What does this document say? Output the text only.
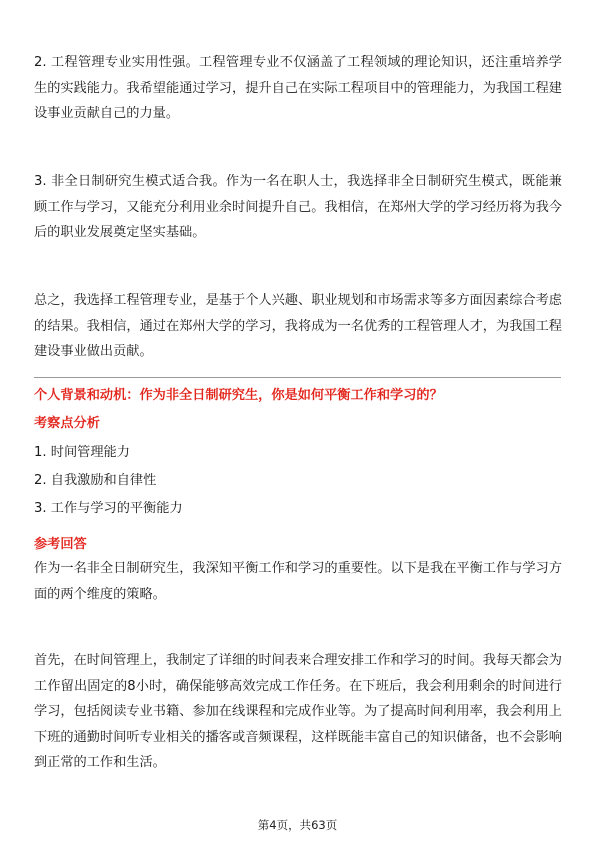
2. 工程管理专业实用性强。工程管理专业不仅涵盖了工程领域的理论知识，还注重培养学生的实践能力。我希望能通过学习，提升自己在实际工程项目中的管理能力，为我国工程建设事业贡献自己的力量。

3. 非全日制研究生模式适合我。作为一名在职人士，我选择非全日制研究生模式，既能兼顾工作与学习，又能充分利用业余时间提升自己。我相信，在郑州大学的学习经历将为我今后的职业发展奠定坚实基础。

总之，我选择工程管理专业，是基于个人兴趣、职业规划和市场需求等多方面因素综合考虑的结果。我相信，通过在郑州大学的学习，我将成为一名优秀的工程管理人才，为我国工程建设事业做出贡献。

个人背景和动机：作为非全日制研究生，你是如何平衡工作和学习的？

考察点分析

1. 时间管理能力

2. 自我激励和自律性

3. 工作与学习的平衡能力

参考回答

作为一名非全日制研究生，我深知平衡工作和学习的重要性。以下是我在平衡工作与学习方面的两个维度的策略。

首先，在时间管理上，我制定了详细的时间表来合理安排工作和学习的时间。我每天都会为工作留出固定的8小时，确保能够高效完成工作任务。在下班后，我会利用剩余的时间进行学习，包括阅读专业书籍、参加在线课程和完成作业等。为了提高时间利用率，我会利用上下班的通勤时间听专业相关的播客或音频课程，这样既能丰富自己的知识储备，也不会影响到正常的工作和生活。

第4页，共63页
